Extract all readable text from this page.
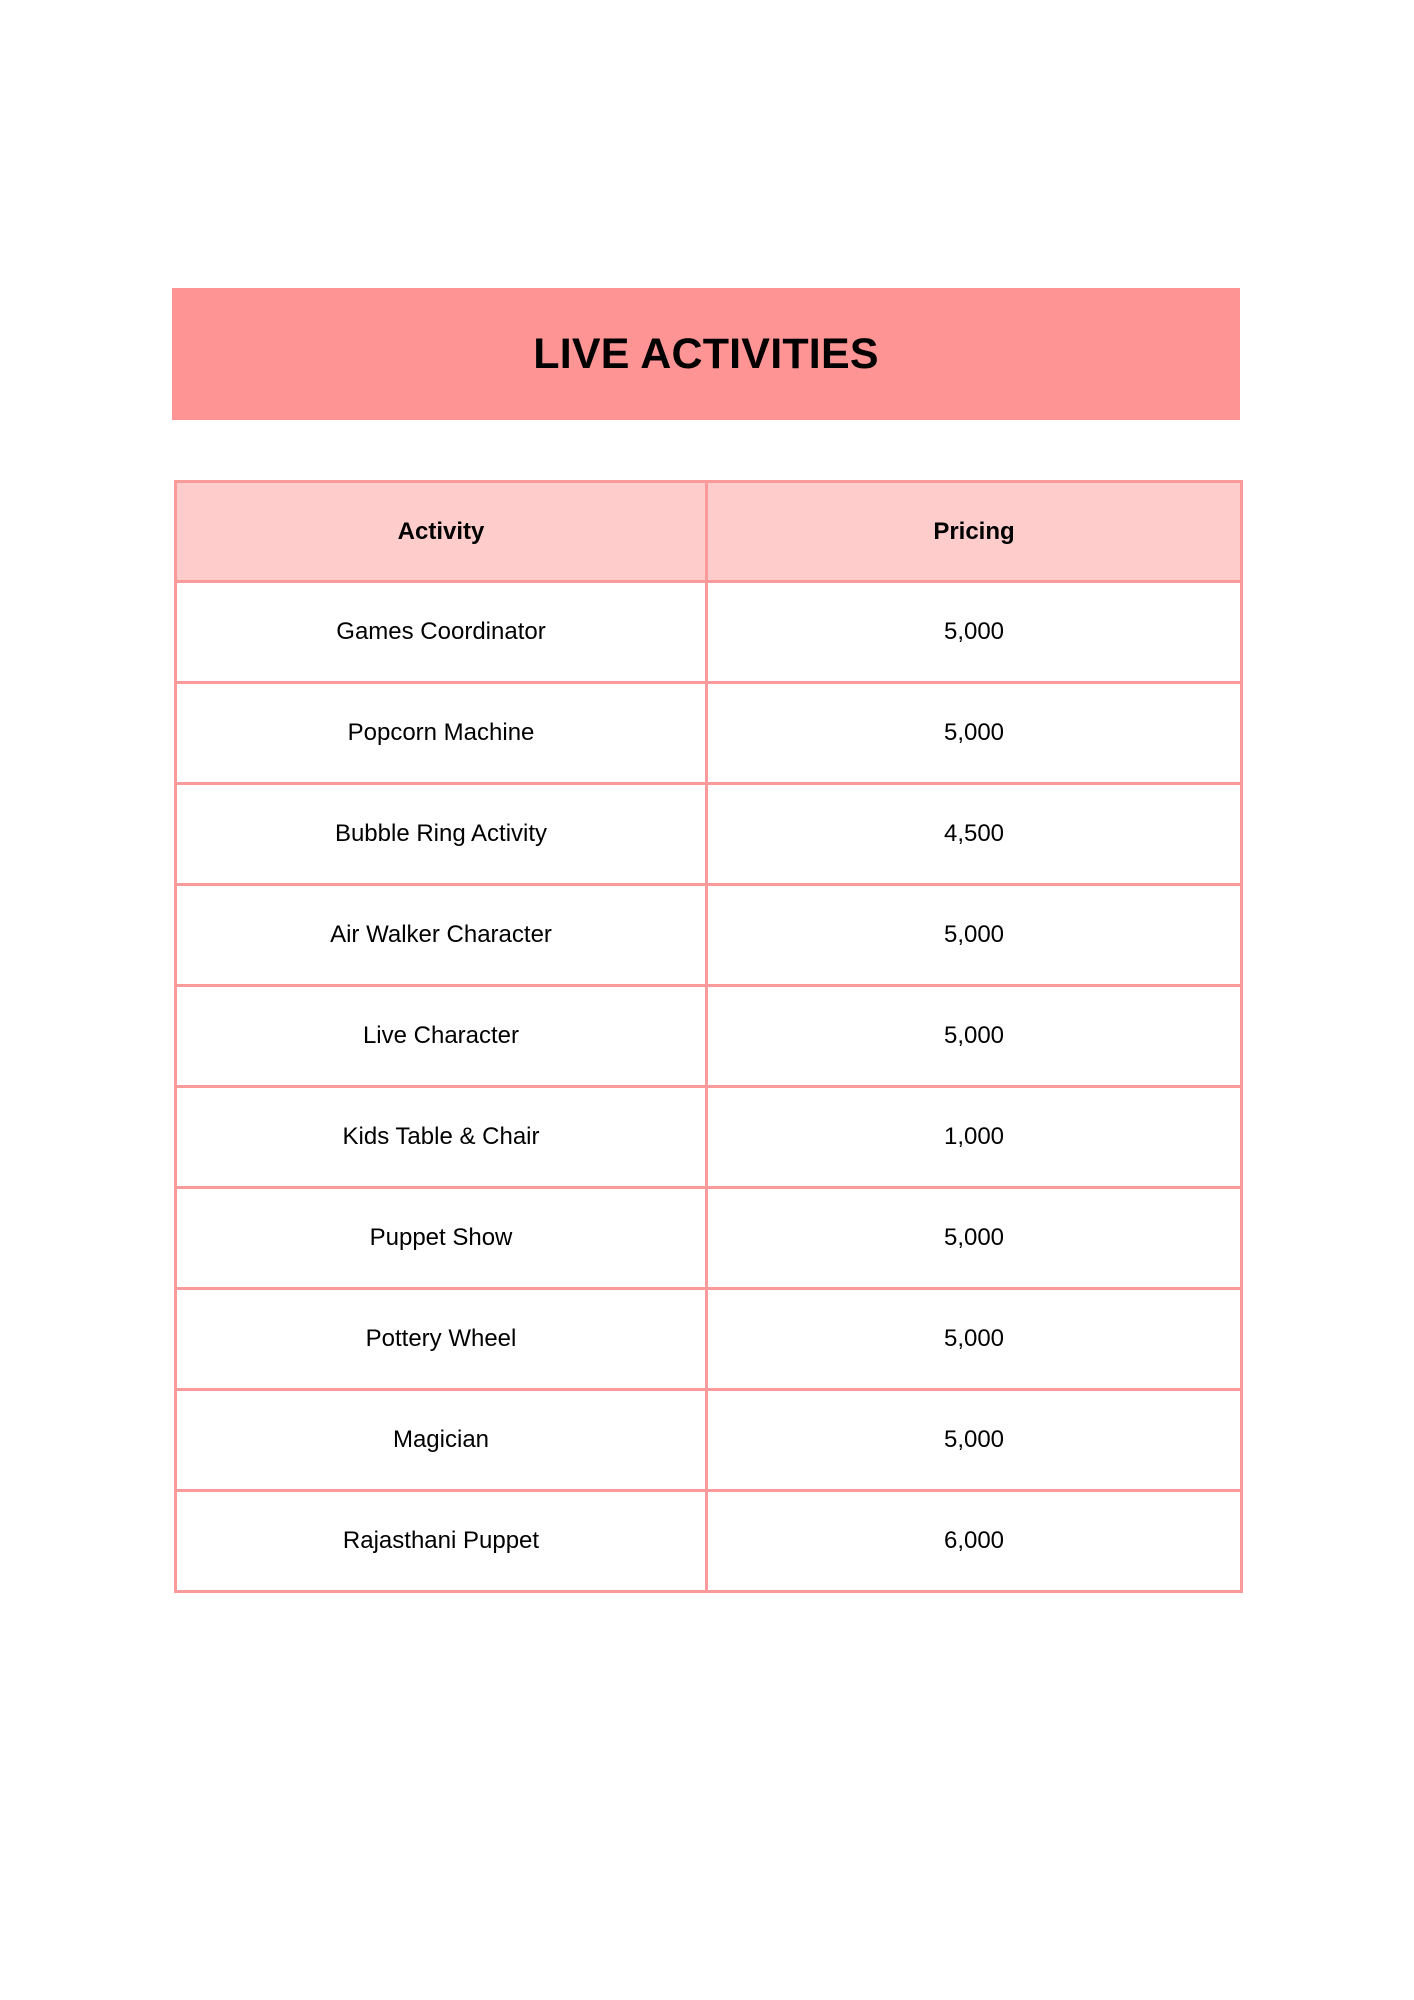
LIVE ACTIVITIES
Activity	Pricing
Games Coordinator	5,000
Popcorn Machine	5,000
Bubble Ring Activity	4,500
Air Walker Character	5,000
Live Character	5,000
Kids Table & Chair	1,000
Puppet Show	5,000
Pottery Wheel	5,000
Magician	5,000
Rajasthani Puppet	6,000
